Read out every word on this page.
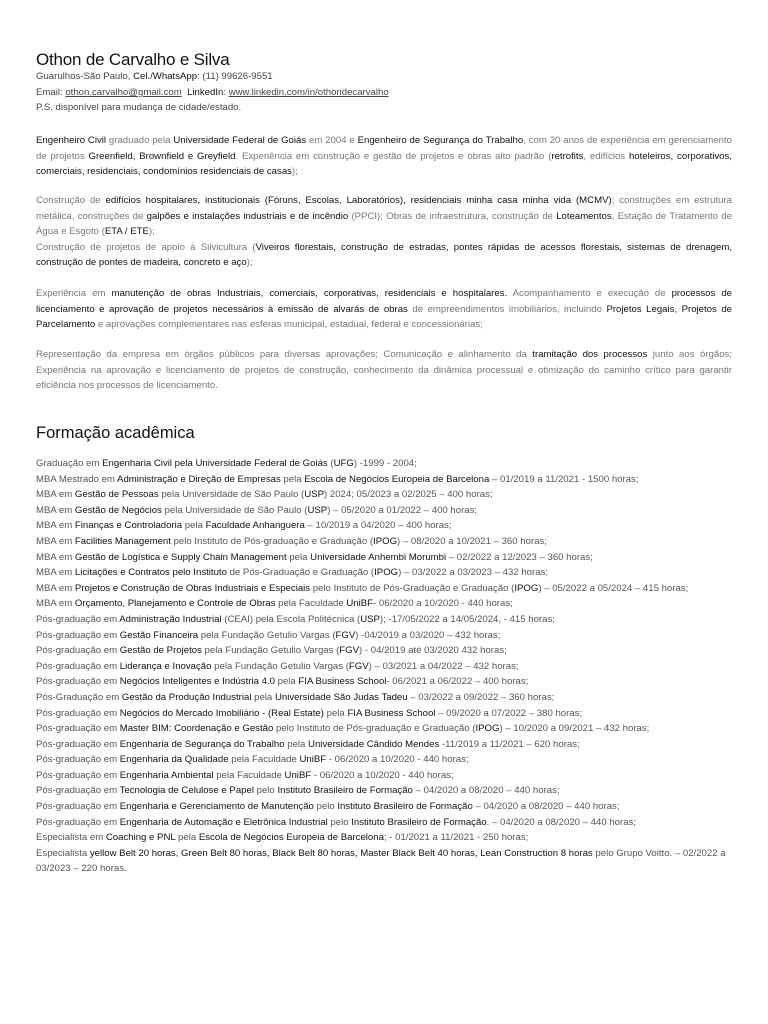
Othon de Carvalho e Silva
Guarulhos-São Paulo, Cel./WhatsApp: (11) 99626-9551
Email: othon.carvalho@gmail.com LinkedIn: www.linkedin.com/in/othondecarvalho
P.S. disponível para mudança de cidade/estado.
Engenheiro Civil graduado pela Universidade Federal de Goiás em 2004 e Engenheiro de Segurança do Trabalho, com 20 anos de experiência em gerenciamento de projetos Greenfield, Brownfield e Greyfield. Experiência em construção e gestão de projetos e obras alto padrão (retrofits, edifícios hoteleiros, corporativos, comerciais, residenciais, condomínios residenciais de casas);
Construção de edifícios hospitalares, institucionais (Fóruns, Escolas, Laboratórios), residenciais minha casa minha vida (MCMV); construções em estrutura metálica, construções de galpões e instalações industriais e de incêndio (PPCI); Obras de infraestrutura, construção de Loteamentos, Estação de Tratamento de Água e Esgoto (ETA / ETE);
Construção de projetos de apoio à Silvicultura (Viveiros florestais, construção de estradas, pontes rápidas de acessos florestais, sistemas de drenagem, construção de pontes de madeira, concreto e aço);
Experiência em manutenção de obras Industriais, comerciais, corporativas, residenciais e hospitalares. Acompanhamento e execução de processos de licenciamento e aprovação de projetos necessários à emissão de alvarás de obras de empreendimentos imobiliários, incluindo Projetos Legais, Projetos de Parcelamento e aprovações complementares nas esferas municipal, estadual, federal e concessionárias;
Representação da empresa em órgãos públicos para diversas aprovações; Comunicação e alinhamento da tramitação dos processos junto aos órgãos; Experiência na aprovação e licenciamento de projetos de construção, conhecimento da dinâmica processual e otimização do caminho crítico para garantir eficiência nos processos de licenciamento.
Formação acadêmica
Graduação em Engenharia Civil pela Universidade Federal de Goiás (UFG) -1999 - 2004;
MBA Mestrado em Administração e Direção de Empresas pela Escola de Negócios Europeia de Barcelona – 01/2019 a 11/2021 - 1500 horas;
MBA em Gestão de Pessoas pela Universidade de São Paulo (USP) 2024; 05/2023 a 02/2025 – 400 horas;
MBA em Gestão de Negócios pela Universidade de São Paulo (USP) – 05/2020 a 01/2022 – 400 horas;
MBA em Finanças e Controladoria pela Faculdade Anhanguera – 10/2019 a 04/2020 – 400 horas;
MBA em Facilities Management pelo Instituto de Pós-graduação e Graduação (IPOG) – 08/2020 a 10/2021 – 360 horas;
MBA em Gestão de Logística e Supply Chain Management pela Universidade Anhembi Morumbi – 02/2022 a 12/2023 – 360 horas;
MBA em Licitações e Contratos pelo Instituto de Pós-Graduação e Graduação (IPOG) – 03/2022 a 03/2023 – 432 horas;
MBA em Projetos e Construção de Obras Industriais e Especiais pelo Instituto de Pós-Graduação e Graduação (IPOG) – 05/2022 a 05/2024 – 415 horas;
MBA em Orçamento, Planejamento e Controle de Obras pela Faculdade UniBF- 06/2020 a 10/2020 - 440 horas;
Pós-graduação em Administração Industrial (CEAI) pela Escola Politécnica (USP); -17/05/2022 a 14/05/2024, - 415 horas;
Pós-graduação em Gestão Financeira pela Fundação Getulio Vargas (FGV) -04/2019 a 03/2020 – 432 horas;
Pós-graduação em Gestão de Projetos pela Fundação Getulio Vargas (FGV) - 04/2019 até 03/2020 432 horas;
Pós-graduação em Liderança e Inovação pela Fundação Getulio Vargas (FGV) – 03/2021 a 04/2022 – 432 horas;
Pós-graduação em Negócios Inteligentes e Indústria 4.0 pela FIA Business School- 06/2021 a 06/2022 – 400 horas;
Pós-Graduação em Gestão da Produção Industrial pela Universidade São Judas Tadeu – 03/2022 a 09/2022 – 360 horas;
Pós-graduação em Negócios do Mercado Imobiliário - (Real Estate) pela FIA Business School – 09/2020 a 07/2022 – 380 horas;
Pós-graduação em Master BIM: Coordenação e Gestão pelo Instituto de Pós-graduação e Graduação (IPOG) – 10/2020 a 09/2021 – 432 horas;
Pós-graduação em Engenharia de Segurança do Trabalho pela Universidade Cândido Mendes -11/2019 a 11/2021 – 620 horas;
Pós-graduação em Engenharia da Qualidade pela Faculdade UniBF - 06/2020 a 10/2020 - 440 horas;
Pós-graduação em Engenharia Ambiental pela Faculdade UniBF - 06/2020 a 10/2020 - 440 horas;
Pós-graduação em Tecnologia de Celulose e Papel pelo Instituto Brasileiro de Formação – 04/2020 a 08/2020 – 440 horas;
Pós-graduação em Engenharia e Gerenciamento de Manutenção pelo Instituto Brasileiro de Formação – 04/2020 a 08/2020 – 440 horas;
Pós-graduação em Engenharia de Automação e Eletrônica Industrial pelo Instituto Brasileiro de Formação. – 04/2020 a 08/2020 – 440 horas;
Especialista em Coaching e PNL pela Escola de Negócios Europeia de Barcelona; - 01/2021 a 11/2021 - 250 horas;
Especialista yellow Belt 20 horas, Green Belt 80 horas, Black Belt 80 horas, Master Black Belt 40 horas, Lean Construction 8 horas pelo Grupo Voitto. – 02/2022 a 03/2023 – 220 horas.
